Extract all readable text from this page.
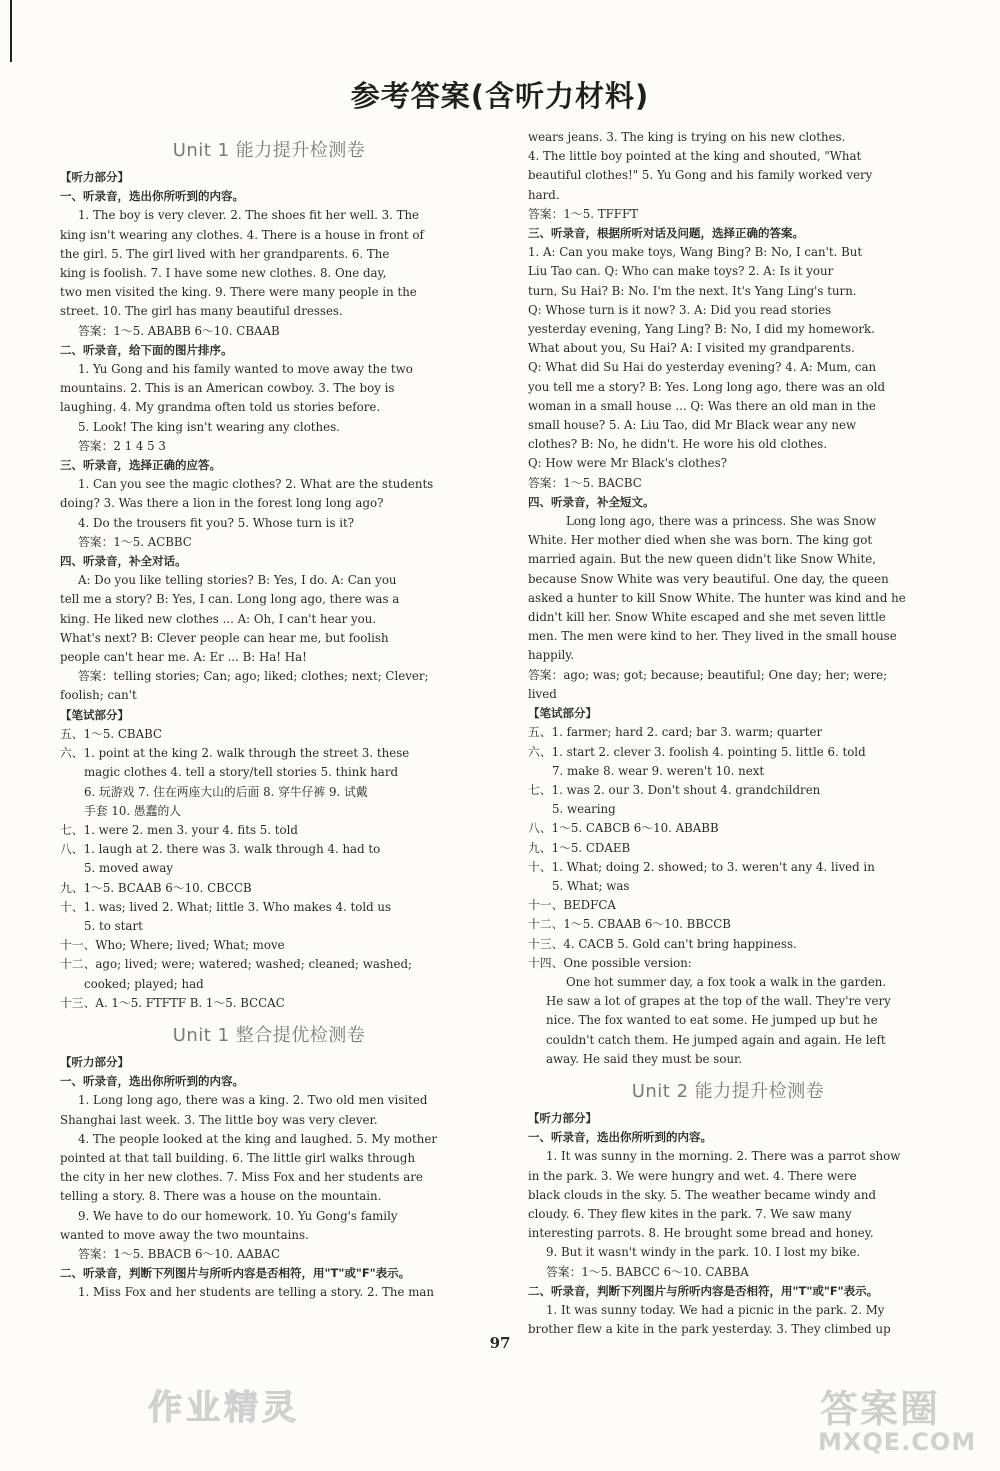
参考答案(含听力材料)
Unit 1 能力提升检测卷
【听力部分】
一、听录音，选出你所听到的内容。
1. The boy is very clever. 2. The shoes fit her well. 3. The
king isn't wearing any clothes. 4. There is a house in front of
the girl. 5. The girl lived with her grandparents. 6. The
king is foolish. 7. I have some new clothes. 8. One day,
two men visited the king. 9. There were many people in the
street. 10. The girl has many beautiful dresses.
答案：1～5. ABABB 6～10. CBAAB
二、听录音，给下面的图片排序。
1. Yu Gong and his family wanted to move away the two
mountains. 2. This is an American cowboy. 3. The boy is
laughing. 4. My grandma often told us stories before.
5. Look! The king isn't wearing any clothes.
答案：2 1 4 5 3
三、听录音，选择正确的应答。
1. Can you see the magic clothes? 2. What are the students
doing? 3. Was there a lion in the forest long long ago?
4. Do the trousers fit you? 5. Whose turn is it?
答案：1～5. ACBBC
四、听录音，补全对话。
A: Do you like telling stories? B: Yes, I do. A: Can you
tell me a story? B: Yes, I can. Long long ago, there was a
king. He liked new clothes ... A: Oh, I can't hear you.
What's next? B: Clever people can hear me, but foolish
people can't hear me. A: Er ... B: Ha! Ha!
答案：telling stories; Can; ago; liked; clothes; next; Clever;
foolish; can't
【笔试部分】
五、1～5. CBABC
六、1. point at the king 2. walk through the street 3. these
magic clothes 4. tell a story/tell stories 5. think hard
6. 玩游戏 7. 住在两座大山的后面 8. 穿牛仔裤 9. 试戴
手套 10. 愚蠢的人
七、1. were 2. men 3. your 4. fits 5. told
八、1. laugh at 2. there was 3. walk through 4. had to
5. moved away
九、1～5. BCAAB 6～10. CBCCB
十、1. was; lived 2. What; little 3. Who makes 4. told us
5. to start
十一、Who; Where; lived; What; move
十二、ago; lived; were; watered; washed; cleaned; washed;
cooked; played; had
十三、A. 1～5. FTFTF B. 1～5. BCCAC
Unit 1 整合提优检测卷
【听力部分】
一、听录音，选出你所听到的内容。
1. Long long ago, there was a king. 2. Two old men visited
Shanghai last week. 3. The little boy was very clever.
4. The people looked at the king and laughed. 5. My mother
pointed at that tall building. 6. The little girl walks through
the city in her new clothes. 7. Miss Fox and her students are
telling a story. 8. There was a house on the mountain.
9. We have to do our homework. 10. Yu Gong's family
wanted to move away the two mountains.
答案：1～5. BBACB 6～10. AABAC
二、听录音，判断下列图片与所听内容是否相符，用"T"或"F"表示。
1. Miss Fox and her students are telling a story. 2. The man
wears jeans. 3. The king is trying on his new clothes.
4. The little boy pointed at the king and shouted, "What
beautiful clothes!" 5. Yu Gong and his family worked very
hard.
答案：1～5. TFFFT
三、听录音，根据所听对话及问题，选择正确的答案。
1. A: Can you make toys, Wang Bing? B: No, I can't. But
Liu Tao can. Q: Who can make toys? 2. A: Is it your
turn, Su Hai? B: No. I'm the next. It's Yang Ling's turn.
Q: Whose turn is it now? 3. A: Did you read stories
yesterday evening, Yang Ling? B: No, I did my homework.
What about you, Su Hai? A: I visited my grandparents.
Q: What did Su Hai do yesterday evening? 4. A: Mum, can
you tell me a story? B: Yes. Long long ago, there was an old
woman in a small house ... Q: Was there an old man in the
small house? 5. A: Liu Tao, did Mr Black wear any new
clothes? B: No, he didn't. He wore his old clothes.
Q: How were Mr Black's clothes?
答案：1～5. BACBC
四、听录音，补全短文。
Long long ago, there was a princess. She was Snow
White. Her mother died when she was born. The king got
married again. But the new queen didn't like Snow White,
because Snow White was very beautiful. One day, the queen
asked a hunter to kill Snow White. The hunter was kind and he
didn't kill her. Snow White escaped and she met seven little
men. The men were kind to her. They lived in the small house
happily.
答案：ago; was; got; because; beautiful; One day; her; were;
lived
【笔试部分】
五、1. farmer; hard 2. card; bar 3. warm; quarter
六、1. start 2. clever 3. foolish 4. pointing 5. little 6. told
7. make 8. wear 9. weren't 10. next
七、1. was 2. our 3. Don't shout 4. grandchildren
5. wearing
八、1～5. CABCB 6～10. ABABB
九、1～5. CDAEB
十、1. What; doing 2. showed; to 3. weren't any 4. lived in
5. What; was
十一、BEDFCA
十二、1～5. CBAAB 6～10. BBCCB
十三、4. CACB 5. Gold can't bring happiness.
十四、One possible version:
One hot summer day, a fox took a walk in the garden.
He saw a lot of grapes at the top of the wall. They're very
nice. The fox wanted to eat some. He jumped up but he
couldn't catch them. He jumped again and again. He left
away. He said they must be sour.
Unit 2 能力提升检测卷
【听力部分】
一、听录音，选出你所听到的内容。
1. It was sunny in the morning. 2. There was a parrot show
in the park. 3. We were hungry and wet. 4. There were
black clouds in the sky. 5. The weather became windy and
cloudy. 6. They flew kites in the park. 7. We saw many
interesting parrots. 8. He brought some bread and honey.
9. But it wasn't windy in the park. 10. I lost my bike.
答案：1～5. BABCC 6～10. CABBA
二、听录音，判断下列图片与所听内容是否相符，用"T"或"F"表示。
1. It was sunny today. We had a picnic in the park. 2. My
brother flew a kite in the park yesterday. 3. They climbed up
97
作业精灵	答案圈
MXQE.COM
